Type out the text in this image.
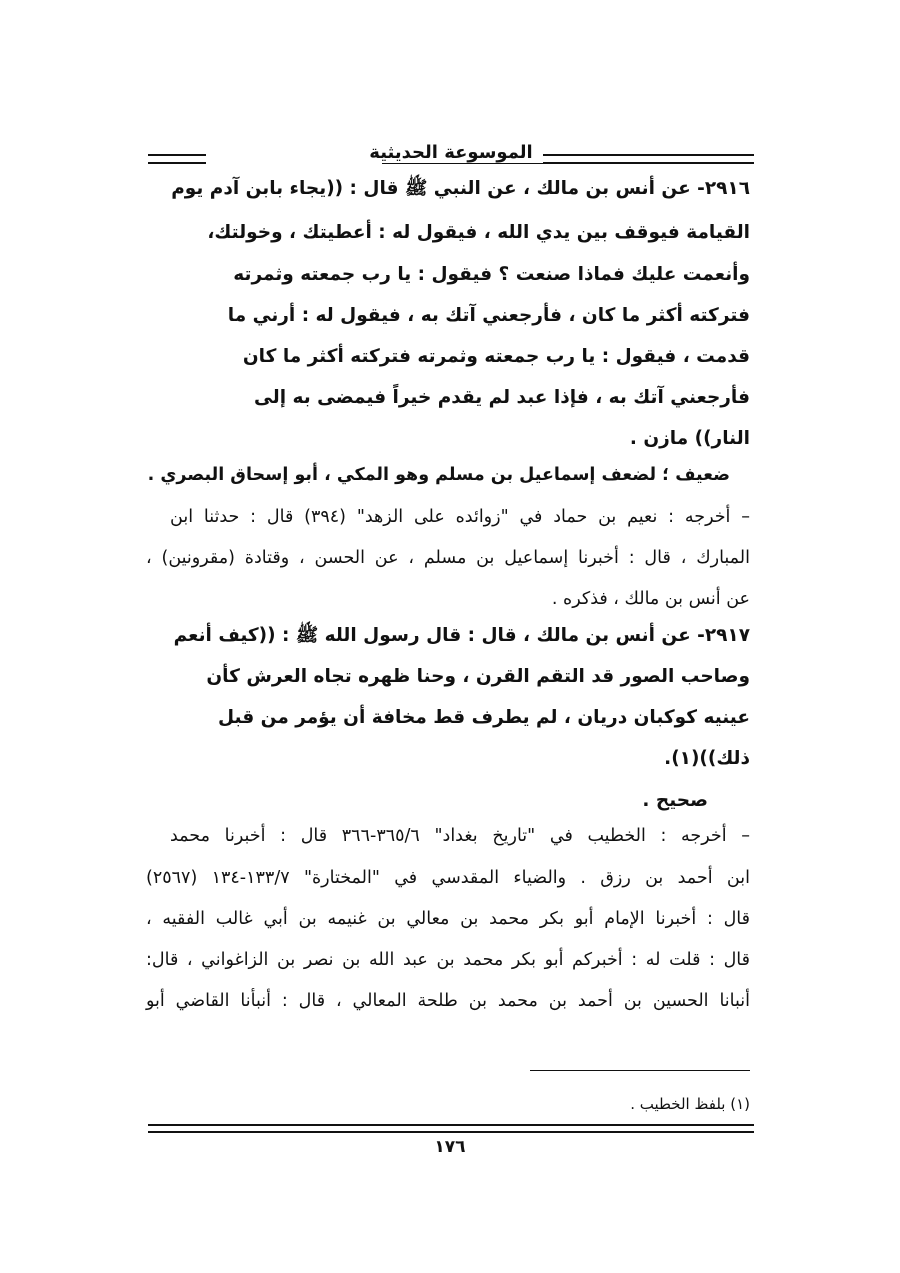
الموسوعة الحديثية
٢٩١٦- عن أنس بن مالك ، عن النبي ﷺ قال : ((يجاء بابن آدم يوم
القيامة فيوقف بين يدي الله ، فيقول له : أعطيتك ، وخولتك،
وأنعمت عليك فماذا صنعت ؟ فيقول : يا رب جمعته وثمرته
فتركته أكثر ما كان ، فأرجعني آتك به ، فيقول له : أرني ما
قدمت ، فيقول : يا رب جمعته وثمرته فتركته أكثر ما كان
فأرجعني آتك به ، فإذا عبد لم يقدم خيراً فيمضى به إلى
النار)) مازن .
ضعيف ؛ لضعف إسماعيل بن مسلم وهو المكي ، أبو إسحاق البصري .
– أخرجه : نعيم بن حماد في "زوائده على الزهد" (٣٩٤) قال : حدثنا ابن
المبارك ، قال : أخبرنا إسماعيل بن مسلم ، عن الحسن ، وقتادة (مقرونين) ،
عن أنس بن مالك ، فذكره .
٢٩١٧- عن أنس بن مالك ، قال : قال رسول الله ﷺ : ((كيف أنعم
وصاحب الصور قد التقم القرن ، وحنا ظهره تجاه العرش كأن
عينيه كوكبان دريان ، لم يطرف قط مخافة أن يؤمر من قبل
ذلك))(١).
صحيح .
– أخرجه : الخطيب في "تاريخ بغداد" ٣٦٥/٦-٣٦٦ قال : أخبرنا محمد
ابن أحمد بن رزق . والضياء المقدسي في "المختارة" ١٣٣/٧-١٣٤ (٢٥٦٧)
قال : أخبرنا الإمام أبو بكر محمد بن معالي بن غنيمه بن أبي غالب الفقيه ،
قال : قلت له : أخبركم أبو بكر محمد بن عبد الله بن نصر بن الزاغواني ، قال:
أنبانا الحسين بن أحمد بن محمد بن طلحة المعالي ، قال : أنبأنا القاضي أبو
(١) بلفظ الخطيب .
١٧٦
